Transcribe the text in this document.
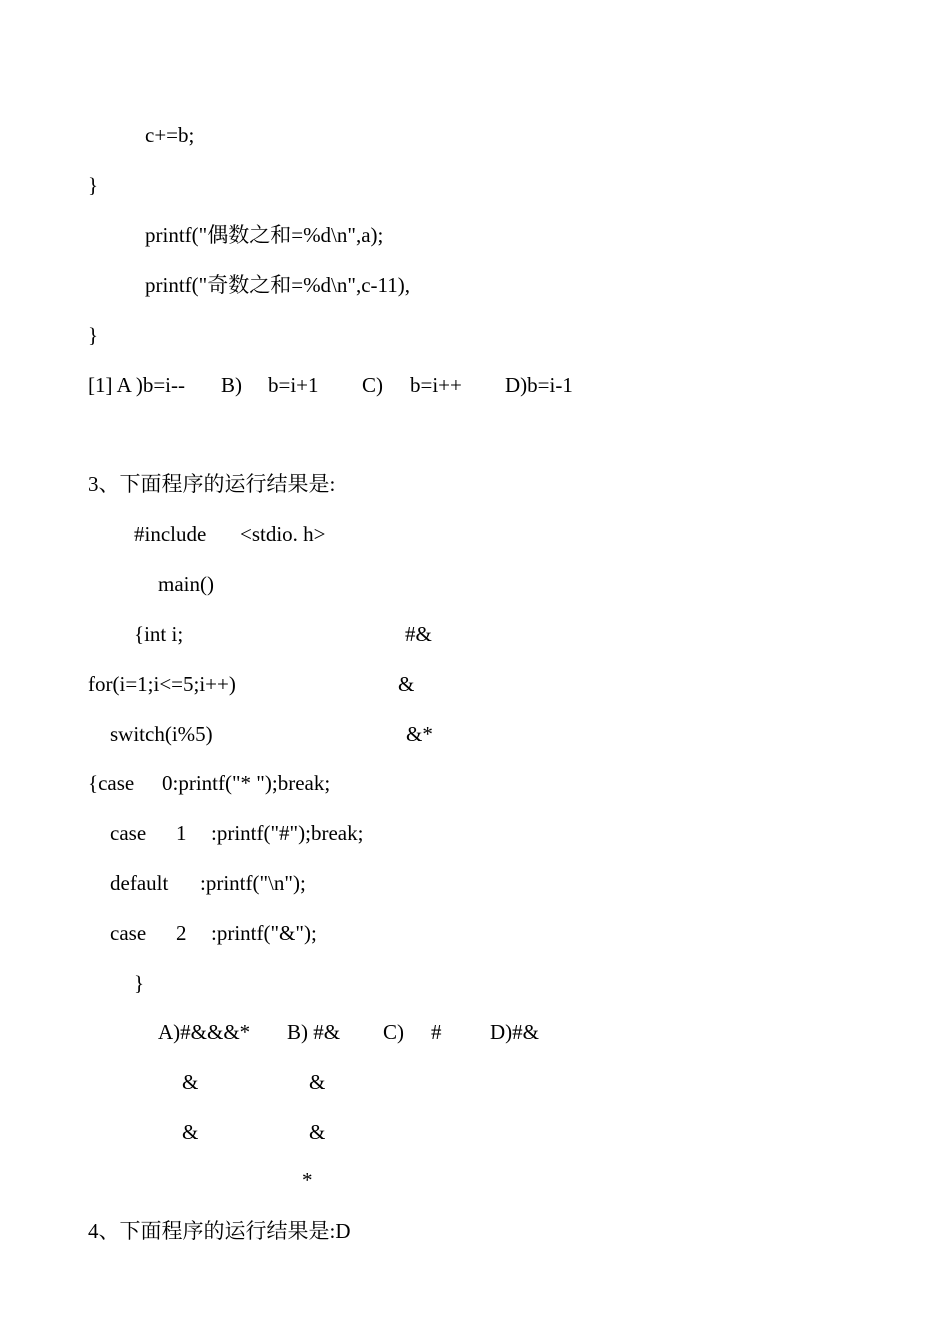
c+=b;
}
printf("偶数之和=%d\n",a);
printf("奇数之和=%d\n",c-11),
}
[1] A )b=i-- B) b=i+1 C) b=i++ D)b=i-1
3、下面程序的运行结果是:
#include <stdio. h>
main()
{int i;	#&
for(i=1;i<=5;i++)	&
switch(i%5)	&*
{case 0:printf("* ");break;
case 1 :printf("#");break;
default :printf("\n");
case 2 :printf("&");
}
A)#&&&* B) #& C) # D)#&
&	&
&	&
*
4、下面程序的运行结果是:D
